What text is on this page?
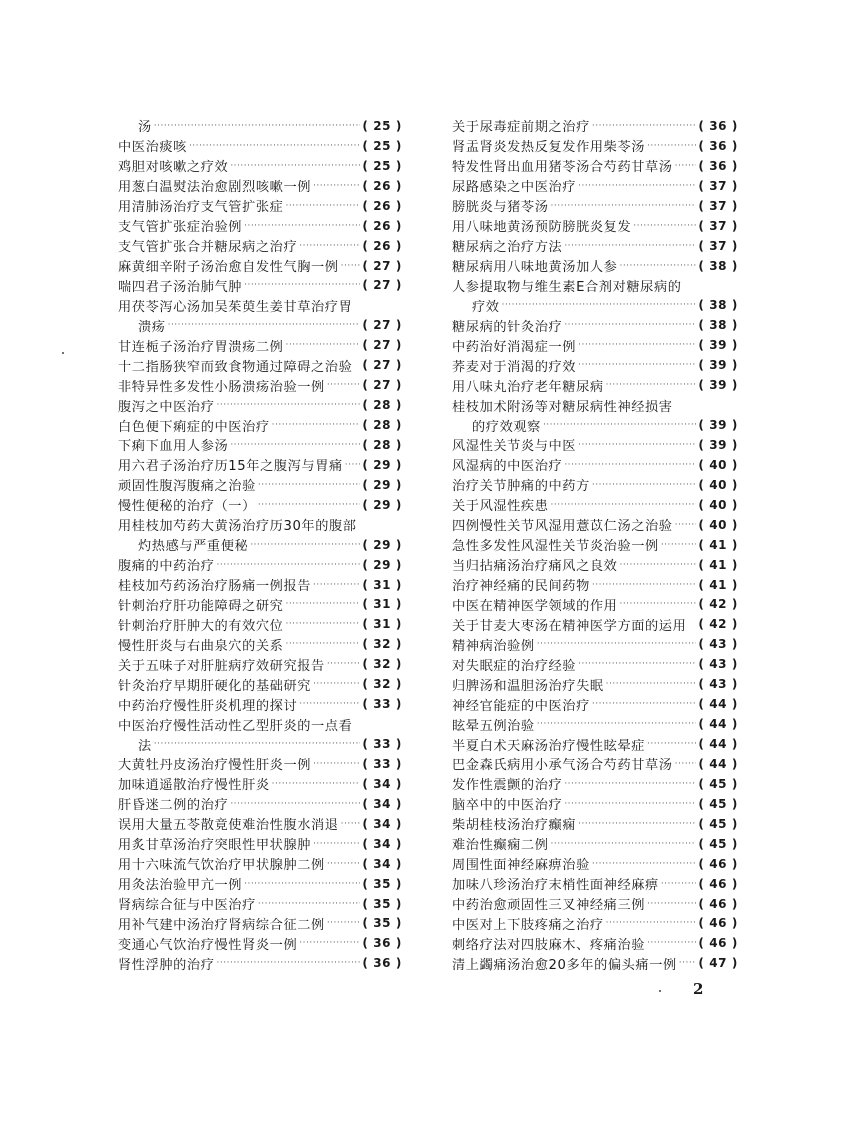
汤 ·····	( 25 )
中医治痰咳 ·····	( 25 )
鸡胆对咳嗽之疗效 ·····	( 25 )
用葱白温熨法治愈剧烈咳嗽一例 ·····	( 26 )
用清肺汤治疗支气管扩张症 ·····	( 26 )
支气管扩张症治验例 ·····	( 26 )
支气管扩张合并糖尿病之治疗 ·····	( 26 )
麻黄细辛附子汤治愈自发性气胸一例 ·····	( 27 )
喘四君子汤治肺气肿 ·····	( 27 )
用茯苓泻心汤加吴茱萸生姜甘草治疗胃
溃疡 ·····	( 27 )
甘连栀子汤治疗胃溃疡二例 ·····	( 27 )
十二指肠狭窄而致食物通过障碍之治验	( 27 )
非特异性多发性小肠溃疡治验一例 ·····	( 27 )
腹泻之中医治疗 ·····	( 28 )
白色便下痢症的中医治疗 ·····	( 28 )
下痢下血用人参汤 ·····	( 28 )
用六君子汤治疗历15年之腹泻与胃痛 ·····	( 29 )
顽固性腹泻腹痛之治验 ·····	( 29 )
慢性便秘的治疗（一） ·····	( 29 )
用桂枝加芍药大黄汤治疗历30年的腹部
灼热感与严重便秘 ·····	( 29 )
腹痛的中药治疗 ·····	( 29 )
桂枝加芍药汤治疗肠痛一例报告 ·····	( 31 )
针刺治疗肝功能障碍之研究 ·····	( 31 )
针刺治疗肝肿大的有效穴位 ·····	( 31 )
慢性肝炎与右曲泉穴的关系 ·····	( 32 )
关于五味子对肝脏病疗效研究报告 ·····	( 32 )
针灸治疗早期肝硬化的基础研究 ·····	( 32 )
中药治疗慢性肝炎机理的探讨 ·····	( 33 )
中医治疗慢性活动性乙型肝炎的一点看
法 ·····	( 33 )
大黄牡丹皮汤治疗慢性肝炎一例 ·····	( 33 )
加味逍遥散治疗慢性肝炎 ·····	( 34 )
肝昏迷二例的治疗 ·····	( 34 )
误用大量五苓散竟使难治性腹水消退 ·····	( 34 )
用炙甘草汤治疗突眼性甲状腺肿 ·····	( 34 )
用十六味流气饮治疗甲状腺肿二例 ·····	( 34 )
用灸法治验甲亢一例 ·····	( 35 )
肾病综合征与中医治疗 ·····	( 35 )
用补气建中汤治疗肾病综合征二例 ·····	( 35 )
变通心气饮治疗慢性肾炎一例 ·····	( 36 )
肾性浮肿的治疗 ·····	( 36 )
关于尿毒症前期之治疗 ·····	( 36 )
肾盂肾炎发热反复发作用柴苓汤 ·····	( 36 )
特发性肾出血用猪苓汤合芍药甘草汤 ·····	( 36 )
尿路感染之中医治疗 ·····	( 37 )
膀胱炎与猪苓汤 ·····	( 37 )
用八味地黄汤预防膀胱炎复发 ·····	( 37 )
糖尿病之治疗方法 ·····	( 37 )
糖尿病用八味地黄汤加人参 ·····	( 38 )
人参提取物与维生素E合剂对糖尿病的
疗效 ·····	( 38 )
糖尿病的针灸治疗 ·····	( 38 )
中药治好消渴症一例 ·····	( 39 )
荞麦对于消渴的疗效 ·····	( 39 )
用八味丸治疗老年糖尿病 ·····	( 39 )
桂枝加术附汤等对糖尿病性神经损害
的疗效观察 ·····	( 39 )
风湿性关节炎与中医 ·····	( 39 )
风湿病的中医治疗 ·····	( 40 )
治疗关节肿痛的中药方 ·····	( 40 )
关于风湿性疾患 ·····	( 40 )
四例慢性关节风湿用薏苡仁汤之治验 ·····	( 40 )
急性多发性风湿性关节炎治验一例 ·····	( 41 )
当归拈痛汤治疗痛风之良效 ·····	( 41 )
治疗神经痛的民间药物 ·····	( 41 )
中医在精神医学领域的作用 ·····	( 42 )
关于甘麦大枣汤在精神医学方面的运用	( 42 )
精神病治验例 ·····	( 43 )
对失眠症的治疗经验 ·····	( 43 )
归脾汤和温胆汤治疗失眠 ·····	( 43 )
神经官能症的中医治疗 ·····	( 44 )
眩晕五例治验 ·····	( 44 )
半夏白术天麻汤治疗慢性眩晕症 ·····	( 44 )
巴金森氏病用小承气汤合芍药甘草汤 ·····	( 44 )
发作性震颤的治疗 ·····	( 45 )
脑卒中的中医治疗 ·····	( 45 )
柴胡桂枝汤治疗癫痫 ·····	( 45 )
难治性癫痫二例 ·····	( 45 )
周围性面神经麻痹治验 ·····	( 46 )
加味八珍汤治疗末梢性面神经麻痹 ·····	( 46 )
中药治愈顽固性三叉神经痛三例 ·····	( 46 )
中医对上下肢疼痛之治疗 ·····	( 46 )
刺络疗法对四肢麻木、疼痛治验 ·····	( 46 )
清上蠲痛汤治愈20多年的偏头痛一例 ·····	( 47 )
2
